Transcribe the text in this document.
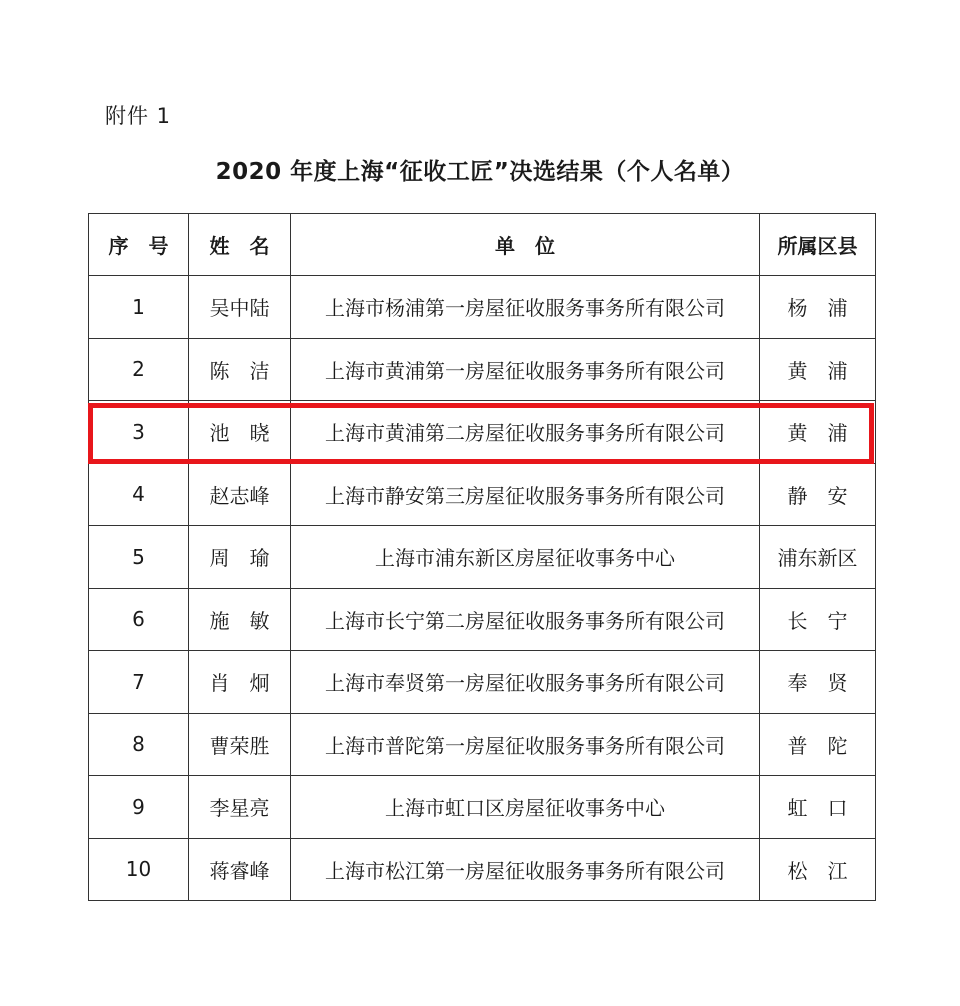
附件 1
2020 年度上海“征收工匠”决选结果（个人名单）
序　号	姓　名	单　位	所属区县
1	吴中陆	上海市杨浦第一房屋征收服务事务所有限公司	杨　浦
2	陈　洁	上海市黄浦第一房屋征收服务事务所有限公司	黄　浦
3	池　晓	上海市黄浦第二房屋征收服务事务所有限公司	黄　浦
4	赵志峰	上海市静安第三房屋征收服务事务所有限公司	静　安
5	周　瑜	上海市浦东新区房屋征收事务中心	浦东新区
6	施　敏	上海市长宁第二房屋征收服务事务所有限公司	长　宁
7	肖　炯	上海市奉贤第一房屋征收服务事务所有限公司	奉　贤
8	曹荣胜	上海市普陀第一房屋征收服务事务所有限公司	普　陀
9	李星亮	上海市虹口区房屋征收事务中心	虹　口
10	蒋睿峰	上海市松江第一房屋征收服务事务所有限公司	松　江
